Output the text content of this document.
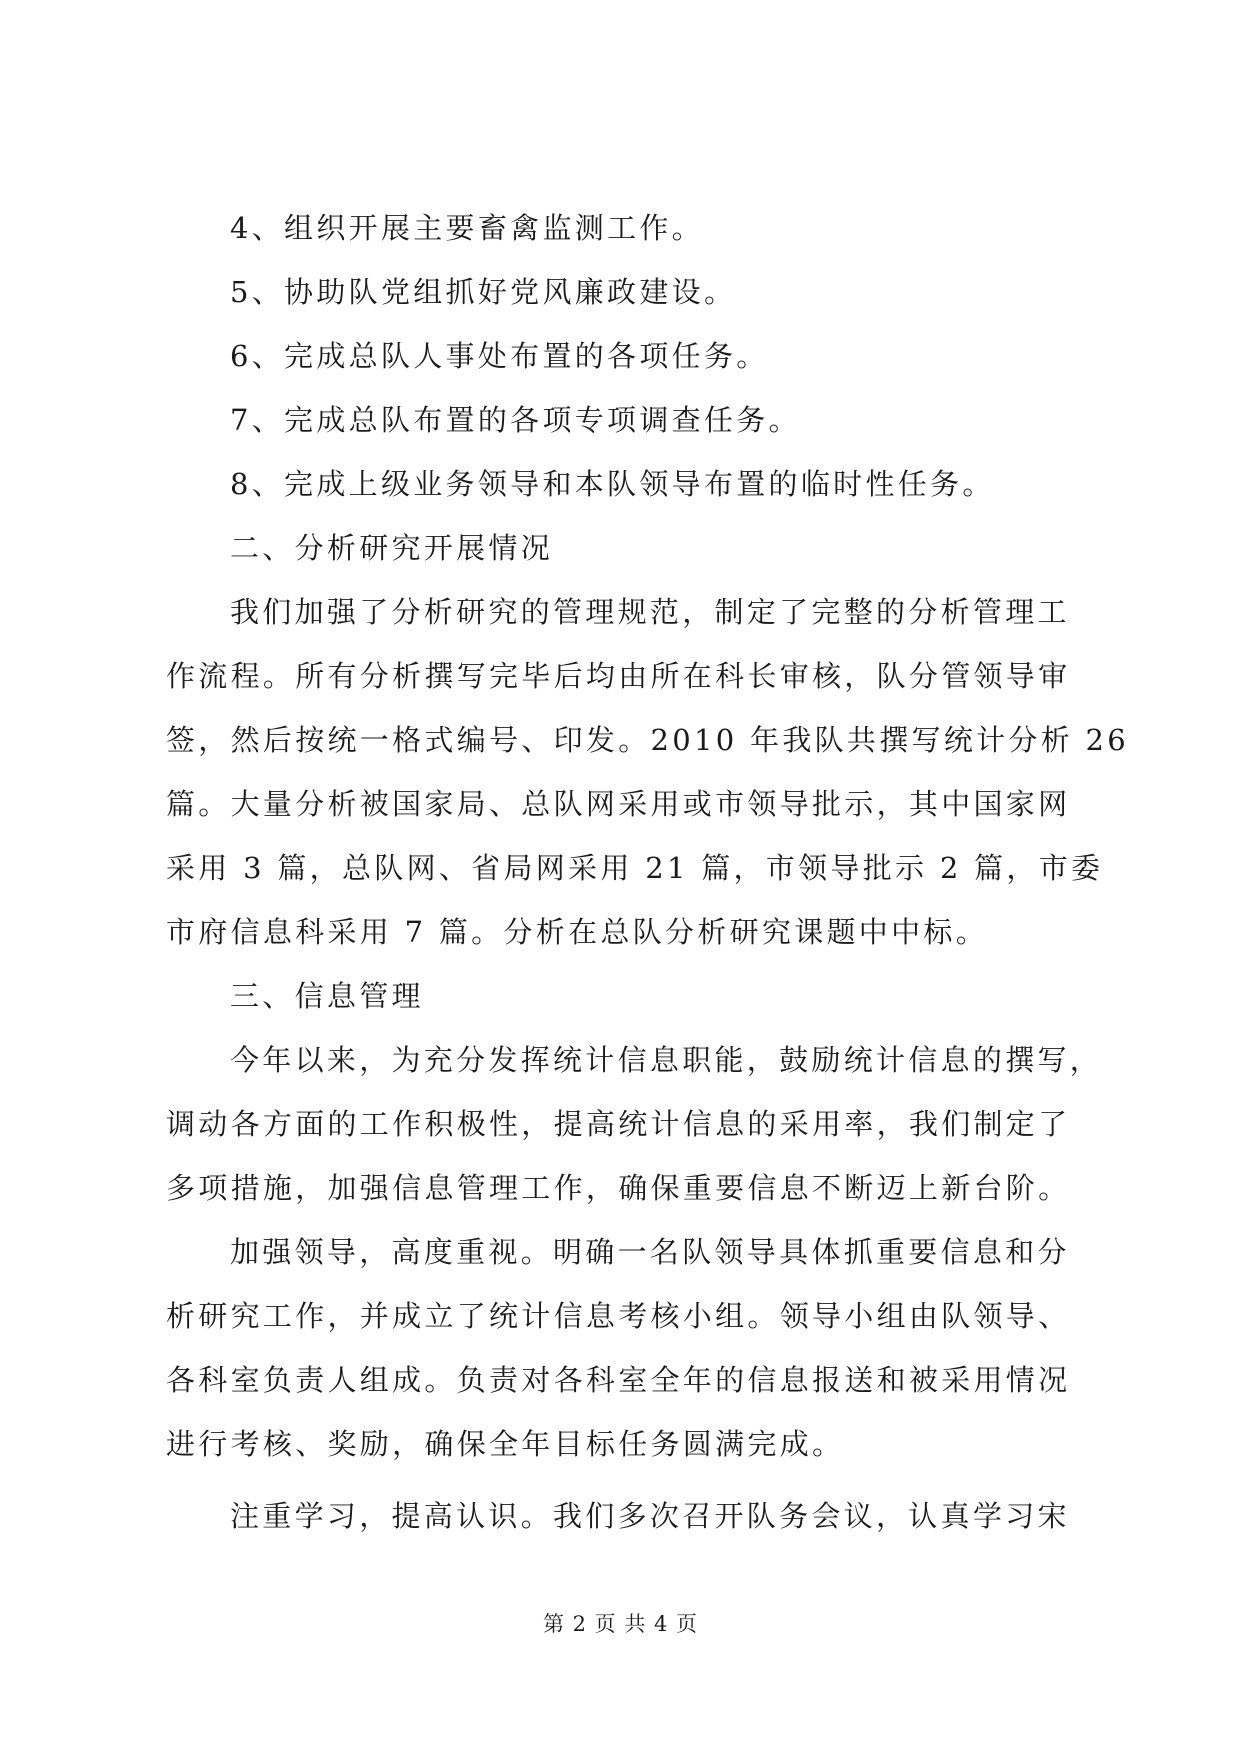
4、组织开展主要畜禽监测工作。
5、协助队党组抓好党风廉政建设。
6、完成总队人事处布置的各项任务。
7、完成总队布置的各项专项调查任务。
8、完成上级业务领导和本队领导布置的临时性任务。
二、分析研究开展情况
我们加强了分析研究的管理规范，制定了完整的分析管理工
作流程。所有分析撰写完毕后均由所在科长审核，队分管领导审
签，然后按统一格式编号、印发。2010 年我队共撰写统计分析 26
篇。大量分析被国家局、总队网采用或市领导批示，其中国家网
采用 3 篇，总队网、省局网采用 21 篇，市领导批示 2 篇，市委
市府信息科采用 7 篇。分析在总队分析研究课题中中标。
三、信息管理
今年以来，为充分发挥统计信息职能，鼓励统计信息的撰写，
调动各方面的工作积极性，提高统计信息的采用率，我们制定了
多项措施，加强信息管理工作，确保重要信息不断迈上新台阶。
加强领导，高度重视。明确一名队领导具体抓重要信息和分
析研究工作，并成立了统计信息考核小组。领导小组由队领导、
各科室负责人组成。负责对各科室全年的信息报送和被采用情况
进行考核、奖励，确保全年目标任务圆满完成。
注重学习，提高认识。我们多次召开队务会议，认真学习宋
第 2 页 共 4 页
